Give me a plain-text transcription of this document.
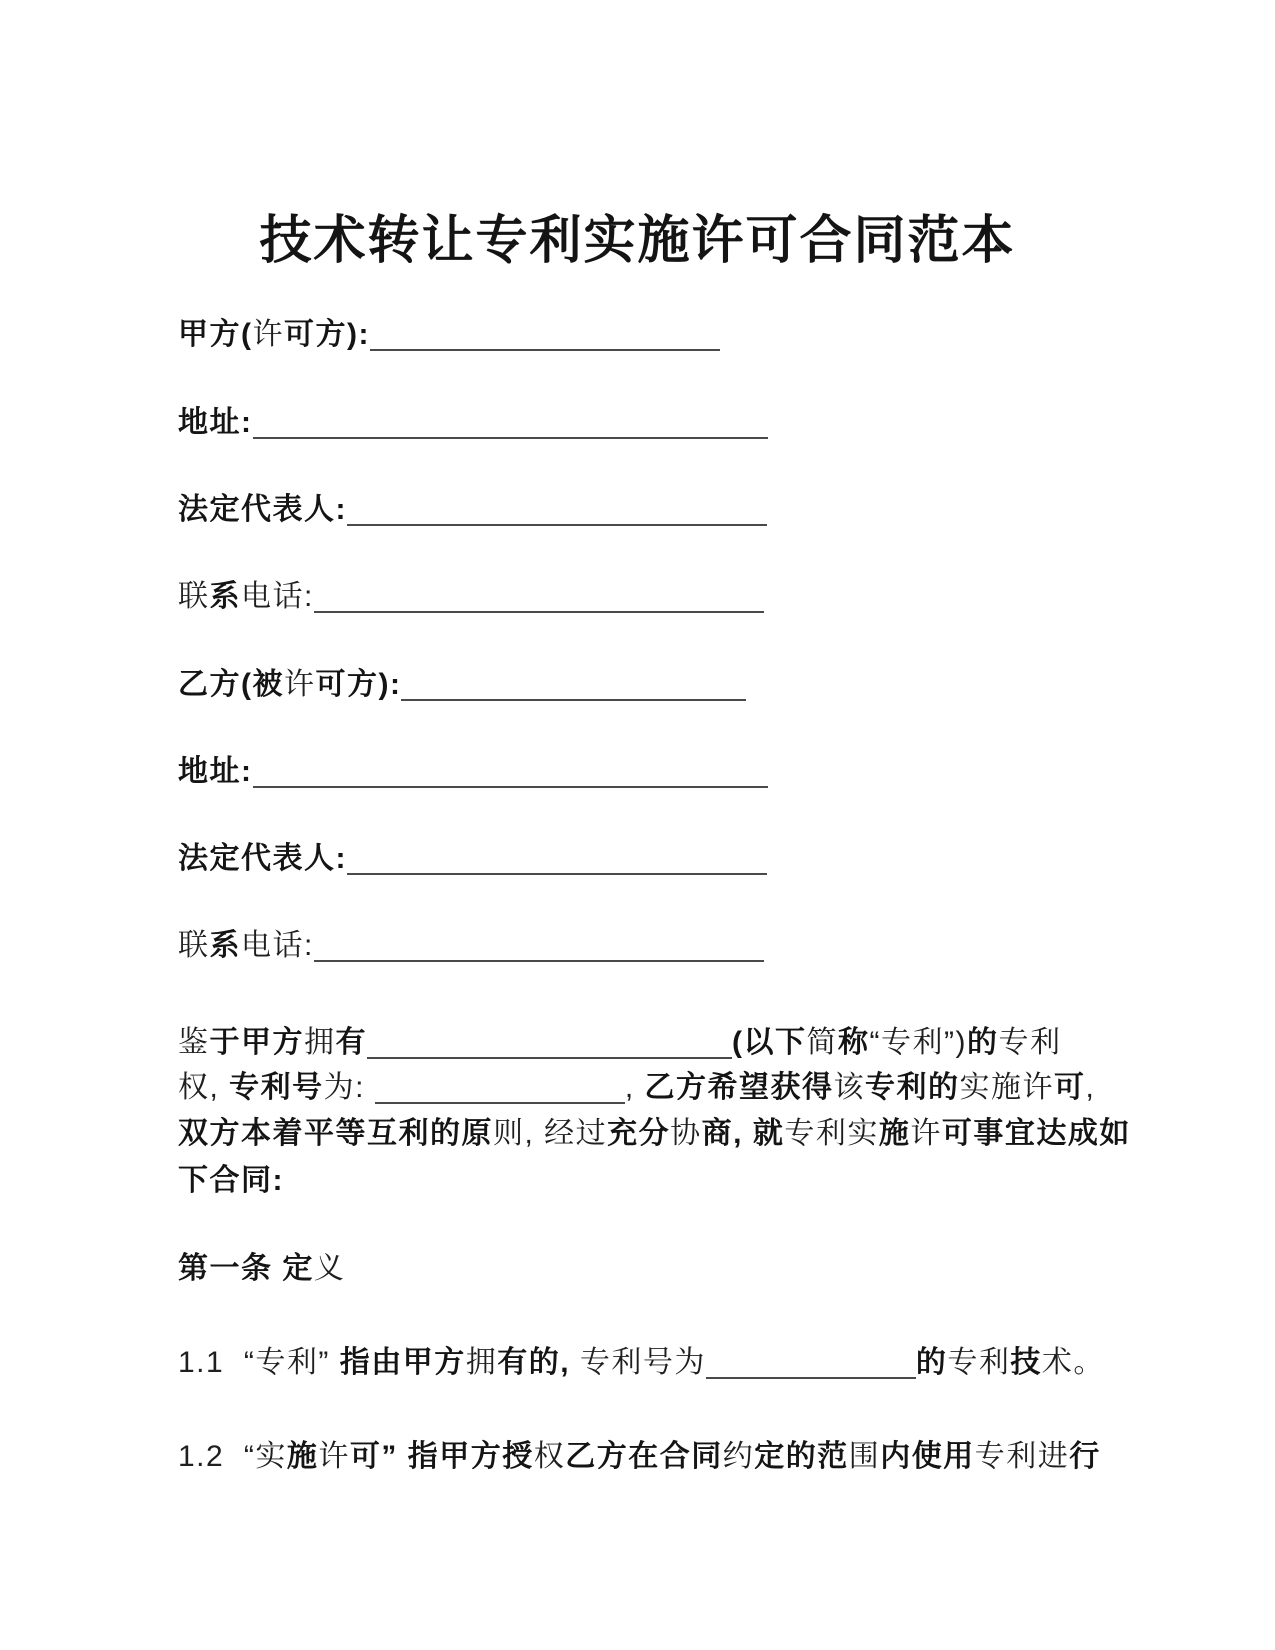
技术转让专利实施许可合同范本
甲方(许可方):
地址:
法定代表人:
联系电话:
乙方(被许可方):
地址:
法定代表人:
联系电话:
鉴于甲方拥有	(以下简称“专利”)的专利
权, 专利号为:	, 乙方希望获得该专利的实施许可,
双方本着平等互利的原则, 经过充分协商, 就专利实施许可事宜达成如
下合同:
第一条 定义
1.1  “专利” 指由甲方拥有的, 专利号为	的专利技术。
1.2  “实施许可” 指甲方授权乙方在合同约定的范围内使用专利进行
